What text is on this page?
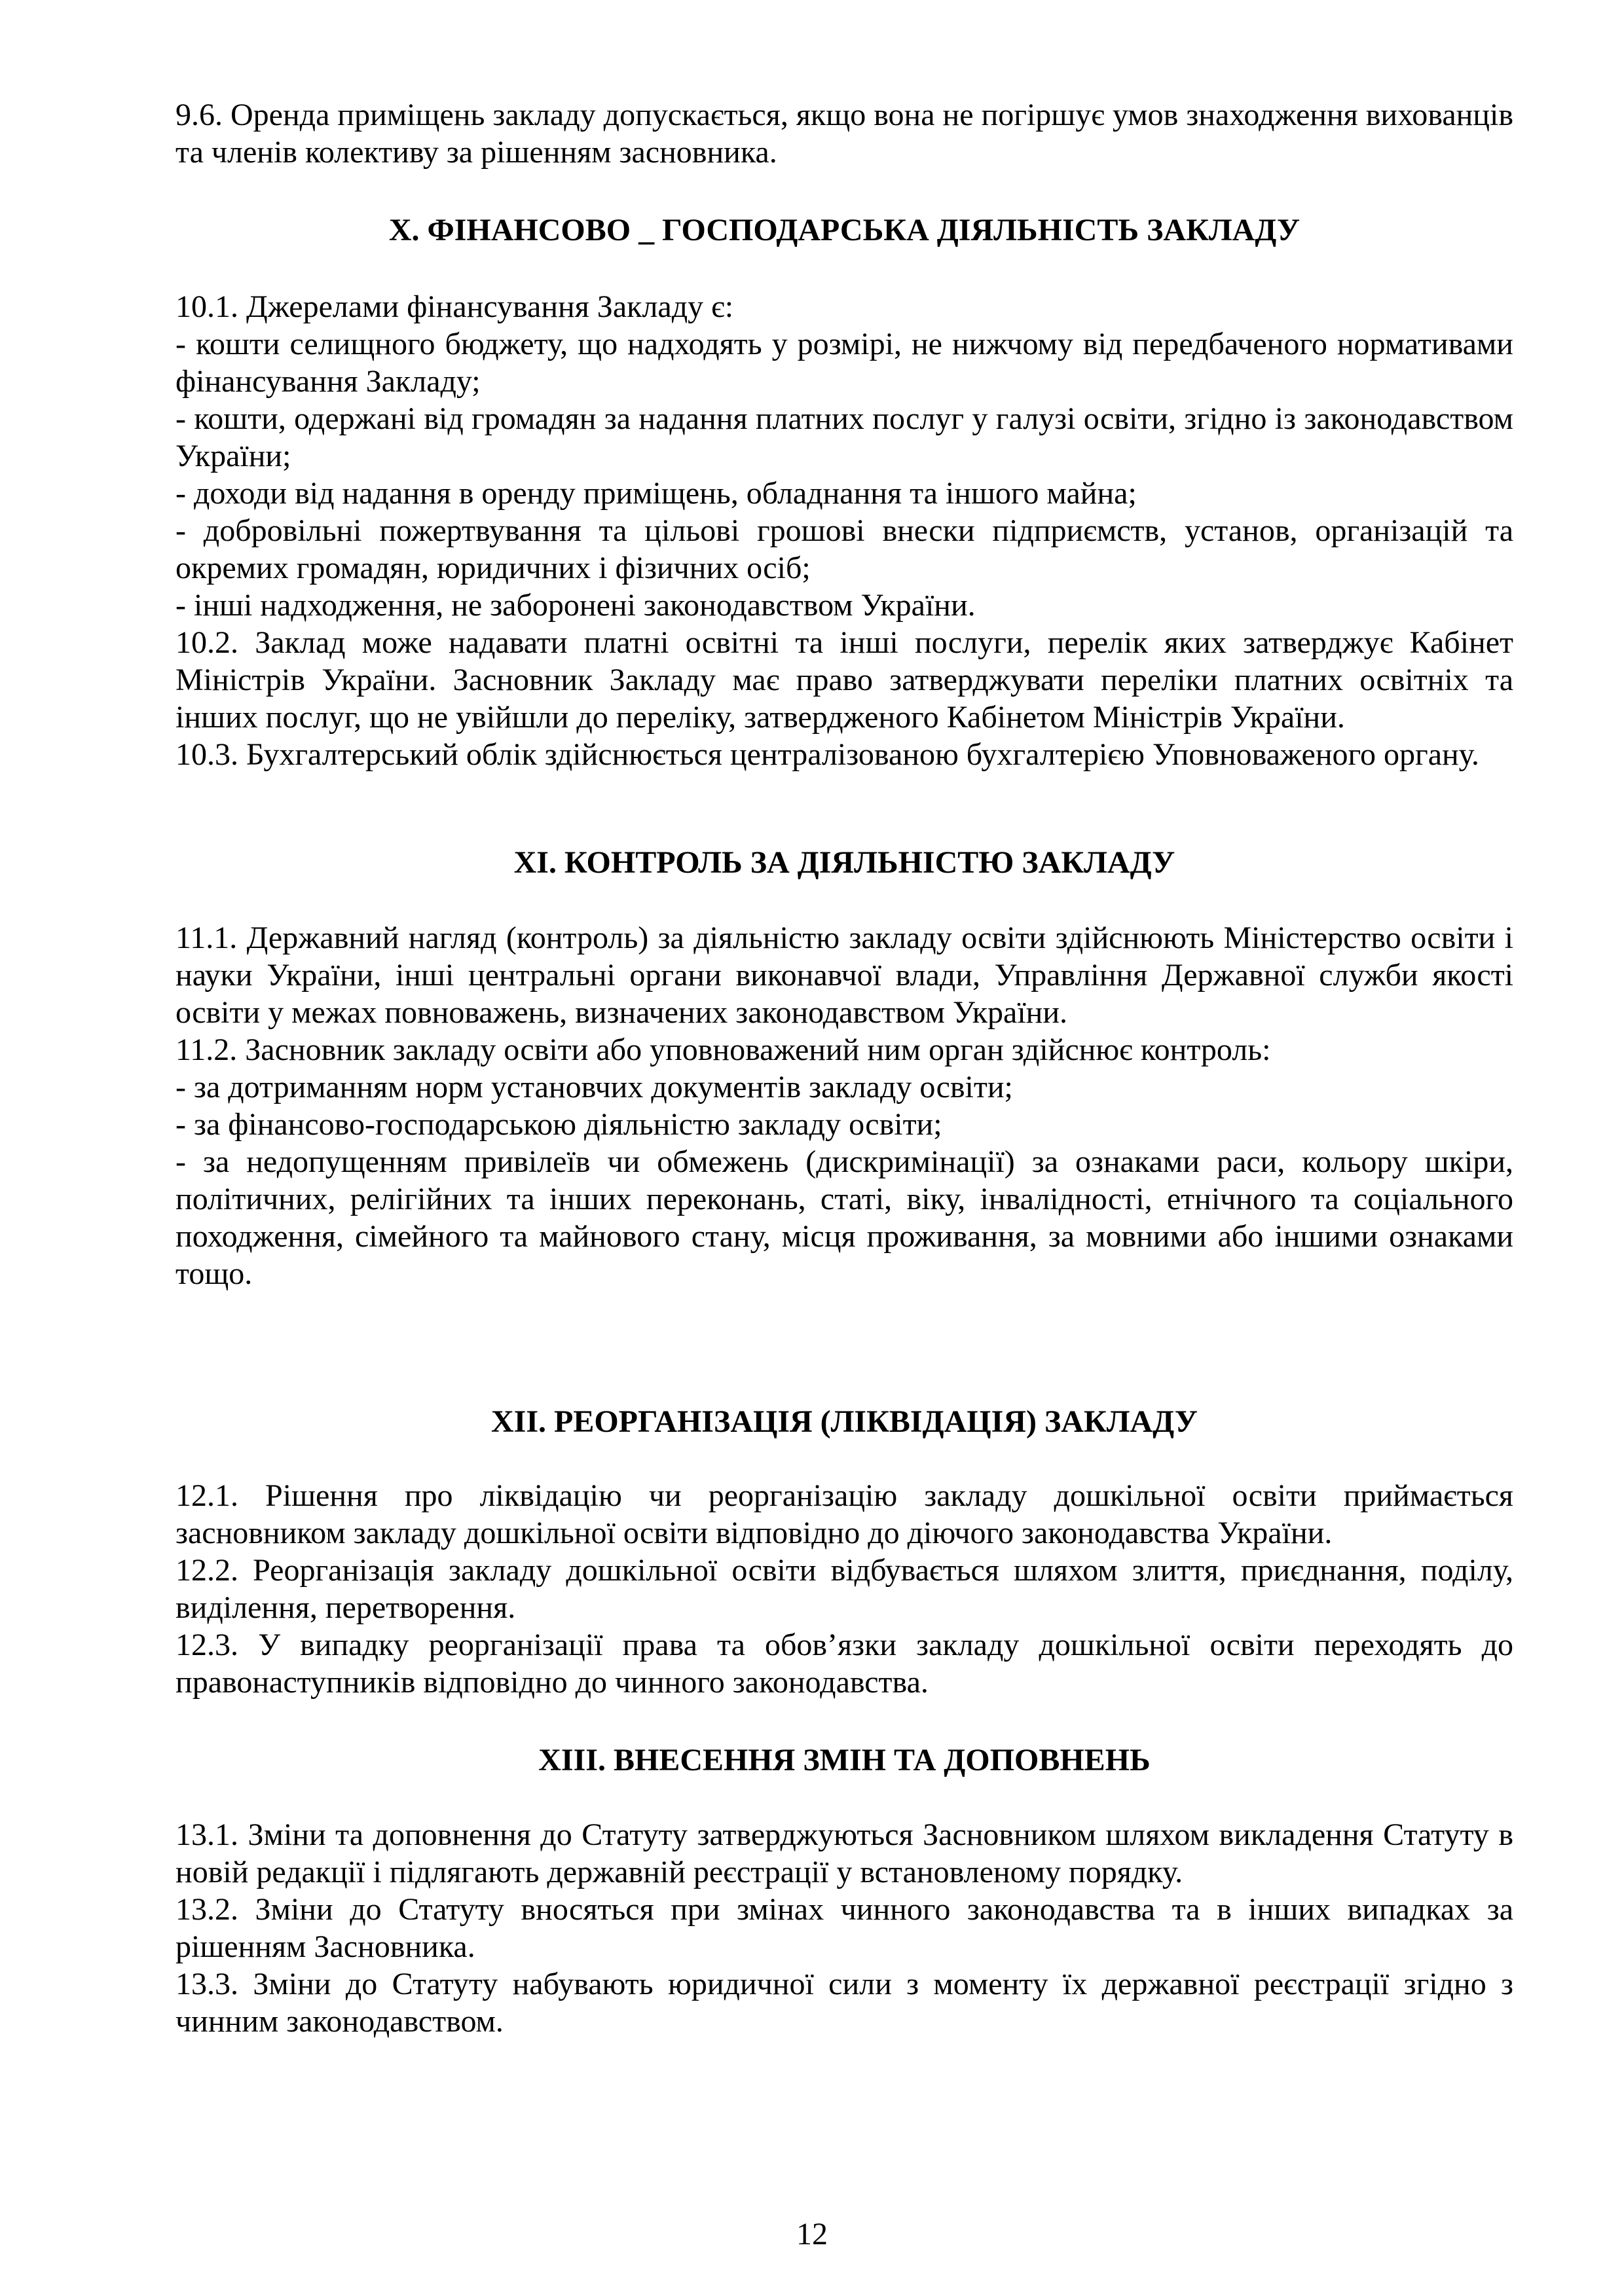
9.6. Оренда приміщень закладу допускається, якщо вона не погіршує умов знаходження вихованців та членів колективу за рішенням засновника.
Х. ФІНАНСОВО _ ГОСПОДАРСЬКА ДІЯЛЬНІСТЬ ЗАКЛАДУ
10.1. Джерелами фінансування Закладу є:
- кошти селищного бюджету, що надходять у розмірі, не нижчому від передбаченого нормативами фінансування Закладу;
- кошти, одержані від громадян за надання платних послуг у галузі освіти, згідно із законодавством України;
- доходи від надання в оренду приміщень, обладнання та іншого майна;
- добровільні пожертвування та цільові грошові внески підприємств, установ, організацій та окремих громадян, юридичних і фізичних осіб;
- інші надходження, не заборонені законодавством України.
10.2. Заклад може надавати платні освітні та інші послуги, перелік яких затверджує Кабінет Міністрів України. Засновник Закладу має право затверджувати переліки платних освітніх та інших послуг, що не увійшли до переліку, затвердженого Кабінетом Міністрів України.
10.3. Бухгалтерський облік здійснюється централізованою бухгалтерією Уповноваженого органу.
ХІ. КОНТРОЛЬ ЗА ДІЯЛЬНІСТЮ ЗАКЛАДУ
11.1. Державний нагляд (контроль) за діяльністю закладу освіти здійснюють Міністерство освіти і науки України, інші центральні органи виконавчої влади, Управління Державної служби якості освіти у межах повноважень, визначених законодавством України.
11.2. Засновник закладу освіти або уповноважений ним орган здійснює контроль:
- за дотриманням норм установчих документів закладу освіти;
- за фінансово-господарською діяльністю закладу освіти;
- за недопущенням привілеїв чи обмежень (дискримінації) за ознаками раси, кольору шкіри, політичних, релігійних та інших переконань, статі, віку, інвалідності, етнічного та соціального походження, сімейного та майнового стану, місця проживання, за мовними або іншими ознаками тощо.
ХІІ. РЕОРГАНІЗАЦІЯ (ЛІКВІДАЦІЯ) ЗАКЛАДУ
12.1. Рішення про ліквідацію чи реорганізацію закладу дошкільної освіти приймається засновником закладу дошкільної освіти відповідно до діючого законодавства України.
12.2. Реорганізація закладу дошкільної освіти відбувається шляхом злиття, приєднання, поділу, виділення, перетворення.
12.3. У випадку реорганізації права та обов’язки закладу дошкільної освіти переходять до правонаступників відповідно до чинного законодавства.
ХІІІ. ВНЕСЕННЯ ЗМІН ТА ДОПОВНЕНЬ
13.1. Зміни та доповнення до Статуту затверджуються Засновником шляхом викладення Статуту в новій редакції і підлягають державній реєстрації у встановленому порядку.
13.2. Зміни до Статуту вносяться при змінах чинного законодавства та в інших випадках за рішенням Засновника.
13.3. Зміни до Статуту набувають юридичної сили з моменту їх державної реєстрації згідно з чинним законодавством.
12
